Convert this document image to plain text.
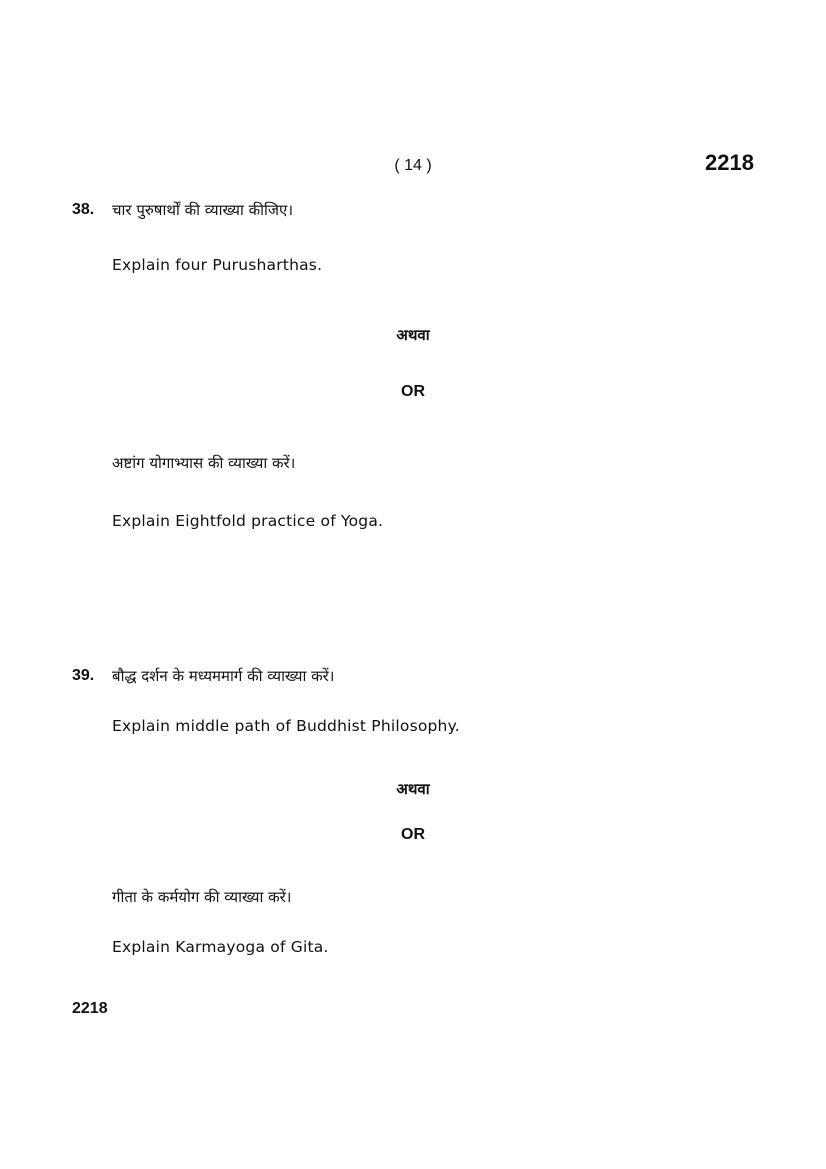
( 14 )	2218
38. चार पुरुषार्थों की व्याख्या कीजिए।
Explain four Purusharthas.
अथवा
OR
अष्टांग योगाभ्यास की व्याख्या करें।
Explain Eightfold practice of Yoga.
39. बौद्ध दर्शन के मध्यममार्ग की व्याख्या करें।
Explain middle path of Buddhist Philosophy.
अथवा
OR
गीता के कर्मयोग की व्याख्या करें।
Explain Karmayoga of Gita.
2218
